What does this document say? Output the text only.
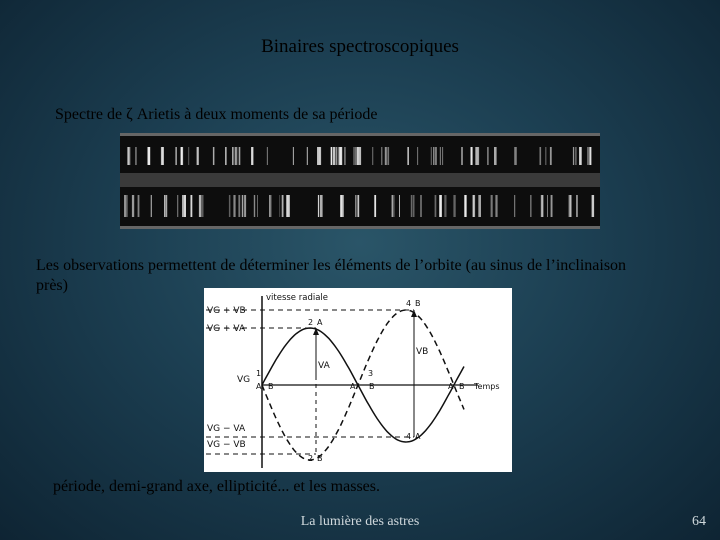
Binaires spectroscopiques
Spectre de ζ Arietis à deux moments de sa période
Les observations permettent de déterminer les éléments de l’orbite (au sinus de l’inclinaison près)
vitesse radiale
Temps
VG + VB
VG + VA
VG
VG − VA
VG − VB
1
2 A
3
4 B
4 A
2 B
VA
VB
A B	A B	A B
période, demi-grand axe, ellipticité... et les masses.
La lumière des astres	64
